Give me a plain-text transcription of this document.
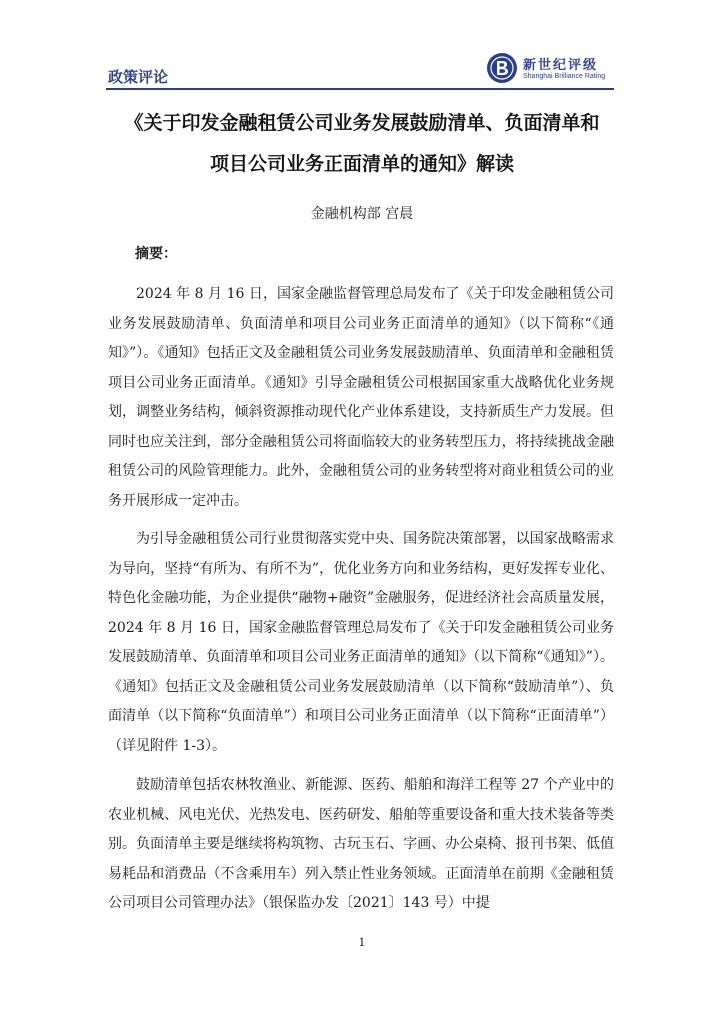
政策评论
新世纪评级
Shanghai Brilliance Rating
《关于印发金融租赁公司业务发展鼓励清单、负面清单和
项目公司业务正面清单的通知》解读
金融机构部 宫晨
摘要：
2024 年 8 月 16 日，国家金融监督管理总局发布了《关于印发金融租赁公司业务发展鼓励清单、负面清单和项目公司业务正面清单的通知》（以下简称“《通知》”）。《通知》包括正文及金融租赁公司业务发展鼓励清单、负面清单和金融租赁项目公司业务正面清单。《通知》引导金融租赁公司根据国家重大战略优化业务规划，调整业务结构，倾斜资源推动现代化产业体系建设，支持新质生产力发展。但同时也应关注到，部分金融租赁公司将面临较大的业务转型压力，将持续挑战金融租赁公司的风险管理能力。此外，金融租赁公司的业务转型将对商业租赁公司的业务开展形成一定冲击。
为引导金融租赁公司行业贯彻落实党中央、国务院决策部署，以国家战略需求为导向，坚持“有所为、有所不为”，优化业务方向和业务结构，更好发挥专业化、特色化金融功能，为企业提供“融物+融资”金融服务，促进经济社会高质量发展，2024 年 8 月 16 日，国家金融监督管理总局发布了《关于印发金融租赁公司业务发展鼓励清单、负面清单和项目公司业务正面清单的通知》（以下简称“《通知》”）。《通知》包括正文及金融租赁公司业务发展鼓励清单（以下简称“鼓励清单”）、负面清单（以下简称“负面清单”）和项目公司业务正面清单（以下简称“正面清单”）（详见附件 1-3）。
鼓励清单包括农林牧渔业、新能源、医药、船舶和海洋工程等 27 个产业中的农业机械、风电光伏、光热发电、医药研发、船舶等重要设备和重大技术装备等类别。负面清单主要是继续将构筑物、古玩玉石、字画、办公桌椅、报刊书架、低值易耗品和消费品（不含乘用车）列入禁止性业务领域。正面清单在前期《金融租赁公司项目公司管理办法》（银保监办发〔2021〕143 号）中提
1
